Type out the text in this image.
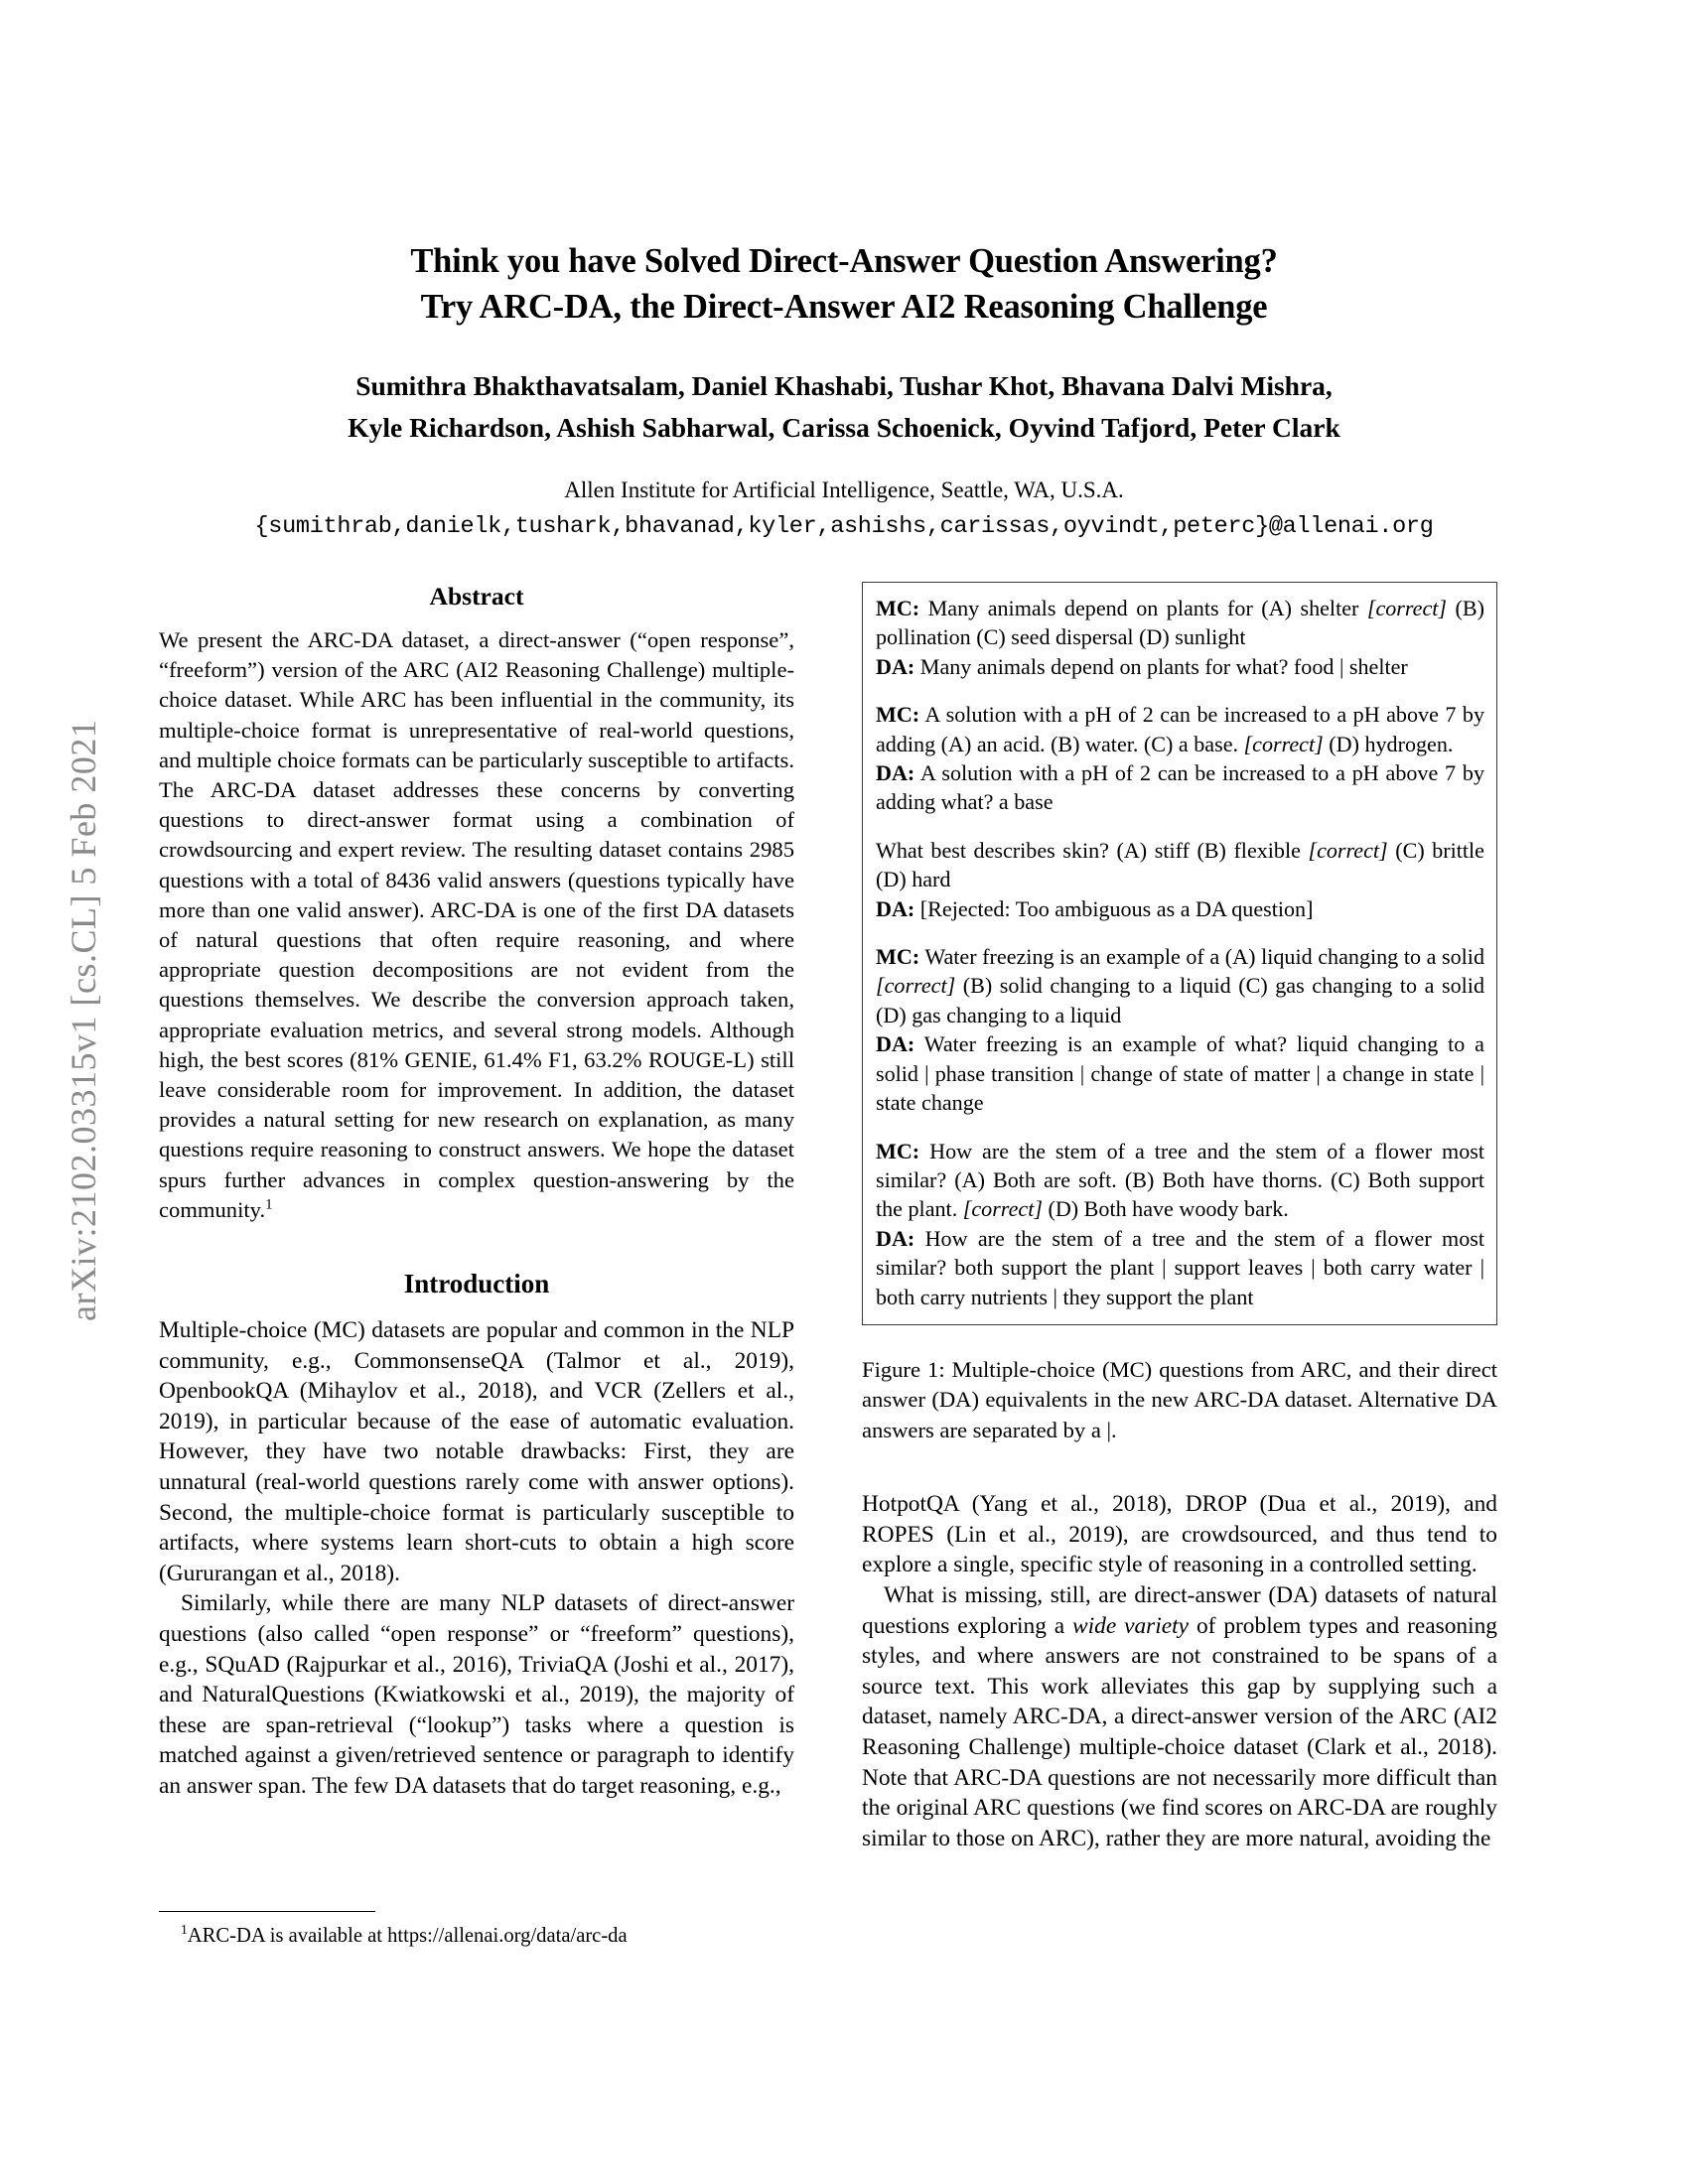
arXiv:2102.03315v1 [cs.CL] 5 Feb 2021
Think you have Solved Direct-Answer Question Answering?
Try ARC-DA, the Direct-Answer AI2 Reasoning Challenge
Sumithra Bhakthavatsalam, Daniel Khashabi, Tushar Khot, Bhavana Dalvi Mishra,
Kyle Richardson, Ashish Sabharwal, Carissa Schoenick, Oyvind Tafjord, Peter Clark
Allen Institute for Artificial Intelligence, Seattle, WA, U.S.A.
{sumithrab,danielk,tushark,bhavanad,kyler,ashishs,carissas,oyvindt,peterc}@allenai.org
Abstract

We present the ARC-DA dataset, a direct-answer (“open response”, “freeform”) version of the ARC (AI2 Reasoning Challenge) multiple-choice dataset. While ARC has been influential in the community, its multiple-choice format is unrepresentative of real-world questions, and multiple choice formats can be particularly susceptible to artifacts. The ARC-DA dataset addresses these concerns by converting questions to direct-answer format using a combination of crowdsourcing and expert review. The resulting dataset contains 2985 questions with a total of 8436 valid answers (questions typically have more than one valid answer). ARC-DA is one of the first DA datasets of natural questions that often require reasoning, and where appropriate question decompositions are not evident from the questions themselves. We describe the conversion approach taken, appropriate evaluation metrics, and several strong models. Although high, the best scores (81% GENIE, 61.4% F1, 63.2% ROUGE-L) still leave considerable room for improvement. In addition, the dataset provides a natural setting for new research on explanation, as many questions require reasoning to construct answers. We hope the dataset spurs further advances in complex question-answering by the community.$^1$

Introduction

Multiple-choice (MC) datasets are popular and common in the NLP community, e.g., CommonsenseQA (Talmor et al., 2019), OpenbookQA (Mihaylov et al., 2018), and VCR (Zellers et al., 2019), in particular because of the ease of automatic evaluation. However, they have two notable drawbacks: First, they are unnatural (real-world questions rarely come with answer options). Second, the multiple-choice format is particularly susceptible to artifacts, where systems learn short-cuts to obtain a high score (Gururangan et al., 2018).

Similarly, while there are many NLP datasets of direct-answer questions (also called “open response” or “freeform” questions), e.g., SQuAD (Rajpurkar et al., 2016), TriviaQA (Joshi et al., 2017), and NaturalQuestions (Kwiatkowski et al., 2019), the majority of these are span-retrieval (“lookup”) tasks where a question is matched against a given/retrieved sentence or paragraph to identify an answer span. The few DA datasets that do target reasoning, e.g.,

$^1$ARC-DA is available at https://allenai.org/data/arc-da

MC: Many animals depend on plants for (A) shelter [correct] (B) pollination (C) seed dispersal (D) sunlight
DA: Many animals depend on plants for what? food | shelter

MC: A solution with a pH of 2 can be increased to a pH above 7 by adding (A) an acid. (B) water. (C) a base. [correct] (D) hydrogen.
DA: A solution with a pH of 2 can be increased to a pH above 7 by adding what? a base

What best describes skin? (A) stiff (B) flexible [correct] (C) brittle (D) hard
DA: [Rejected: Too ambiguous as a DA question]

MC: Water freezing is an example of a (A) liquid changing to a solid [correct] (B) solid changing to a liquid (C) gas changing to a solid (D) gas changing to a liquid
DA: Water freezing is an example of what? liquid changing to a solid | phase transition | change of state of matter | a change in state | state change

MC: How are the stem of a tree and the stem of a flower most similar? (A) Both are soft. (B) Both have thorns. (C) Both support the plant. [correct] (D) Both have woody bark.
DA: How are the stem of a tree and the stem of a flower most similar? both support the plant | support leaves | both carry water | both carry nutrients | they support the plant

Figure 1: Multiple-choice (MC) questions from ARC, and their direct answer (DA) equivalents in the new ARC-DA dataset. Alternative DA answers are separated by a |.

HotpotQA (Yang et al., 2018), DROP (Dua et al., 2019), and ROPES (Lin et al., 2019), are crowdsourced, and thus tend to explore a single, specific style of reasoning in a controlled setting.

What is missing, still, are direct-answer (DA) datasets of natural questions exploring a wide variety of problem types and reasoning styles, and where answers are not constrained to be spans of a source text. This work alleviates this gap by supplying such a dataset, namely ARC-DA, a direct-answer version of the ARC (AI2 Reasoning Challenge) multiple-choice dataset (Clark et al., 2018). Note that ARC-DA questions are not necessarily more difficult than the original ARC questions (we find scores on ARC-DA are roughly similar to those on ARC), rather they are more natural, avoiding the
